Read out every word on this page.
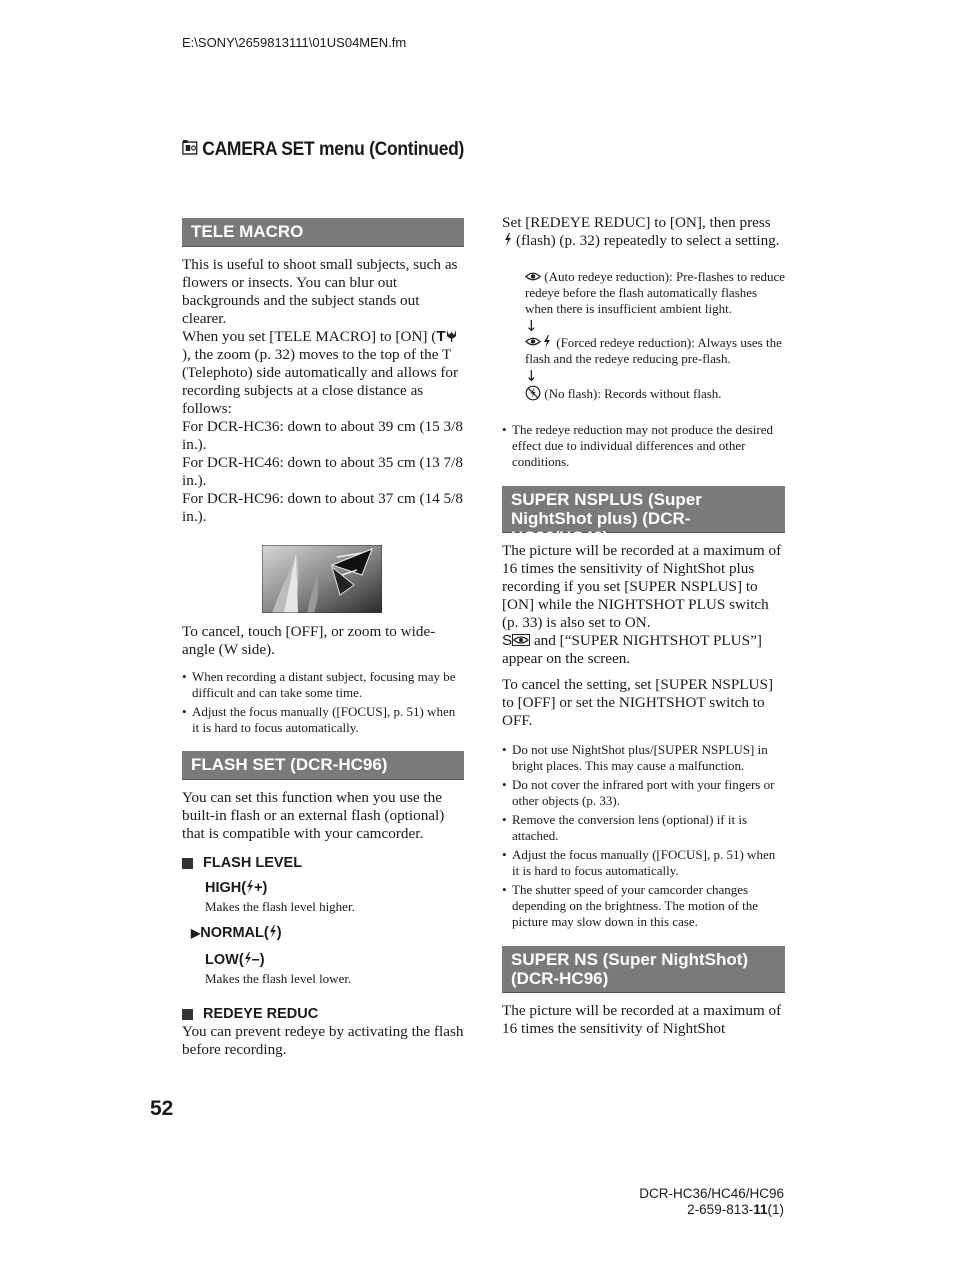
E:\SONY\2659813111\01US04MEN.fm
CAMERA SET menu (Continued)
TELE MACRO

This is useful to shoot small subjects, such as flowers or insects. You can blur out backgrounds and the subject stands out clearer.

When you set [TELE MACRO] to [ON] (T), the zoom (p. 32) moves to the top of the T (Telephoto) side automatically and allows for recording subjects at a close distance as follows:

For DCR-HC36: down to about 39 cm (15 3/8 in.).

For DCR-HC46: down to about 35 cm (13 7/8 in.).

For DCR-HC96: down to about 37 cm (14 5/8 in.).

To cancel, touch [OFF], or zoom to wide-angle (W side).

• When recording a distant subject, focusing may be difficult and can take some time.
• Adjust the focus manually ([FOCUS], p. 51) when it is hard to focus automatically.
FLASH SET (DCR-HC96)

You can set this function when you use the built-in flash or an external flash (optional) that is compatible with your camcorder.

FLASH LEVEL
HIGH( +)

Makes the flash level higher.

▶NORMAL( )
LOW( –)

Makes the flash level lower.

REDEYE REDUC

You can prevent redeye by activating the flash before recording.

Set [REDEYE REDUC] to [ON], then press (flash) (p. 32) repeatedly to select a setting.

(Auto redeye reduction): Pre-flashes to reduce redeye before the flash automatically flashes when there is insufficient ambient light.

↓

(Forced redeye reduction): Always uses the flash and the redeye reducing pre-flash.

↓

(No flash): Records without flash.

• The redeye reduction may not produce the desired effect due to individual differences and other conditions.
SUPER NSPLUS (Super NightShot plus) (DCR-HC36/HC46)

The picture will be recorded at a maximum of 16 times the sensitivity of NightShot plus recording if you set [SUPER NSPLUS] to [ON] while the NIGHTSHOT PLUS switch (p. 33) is also set to ON.

S and [“SUPER NIGHTSHOT PLUS”] appear on the screen.

To cancel the setting, set [SUPER NSPLUS] to [OFF] or set the NIGHTSHOT switch to OFF.

• Do not use NightShot plus/[SUPER NSPLUS] in bright places. This may cause a malfunction.
• Do not cover the infrared port with your fingers or other objects (p. 33).
• Remove the conversion lens (optional) if it is attached.
• Adjust the focus manually ([FOCUS], p. 51) when it is hard to focus automatically.
• The shutter speed of your camcorder changes depending on the brightness. The motion of the picture may slow down in this case.
SUPER NS (Super NightShot) (DCR-HC96)

The picture will be recorded at a maximum of 16 times the sensitivity of NightShot

52
DCR-HC36/HC46/HC96
2-659-813-11(1)
